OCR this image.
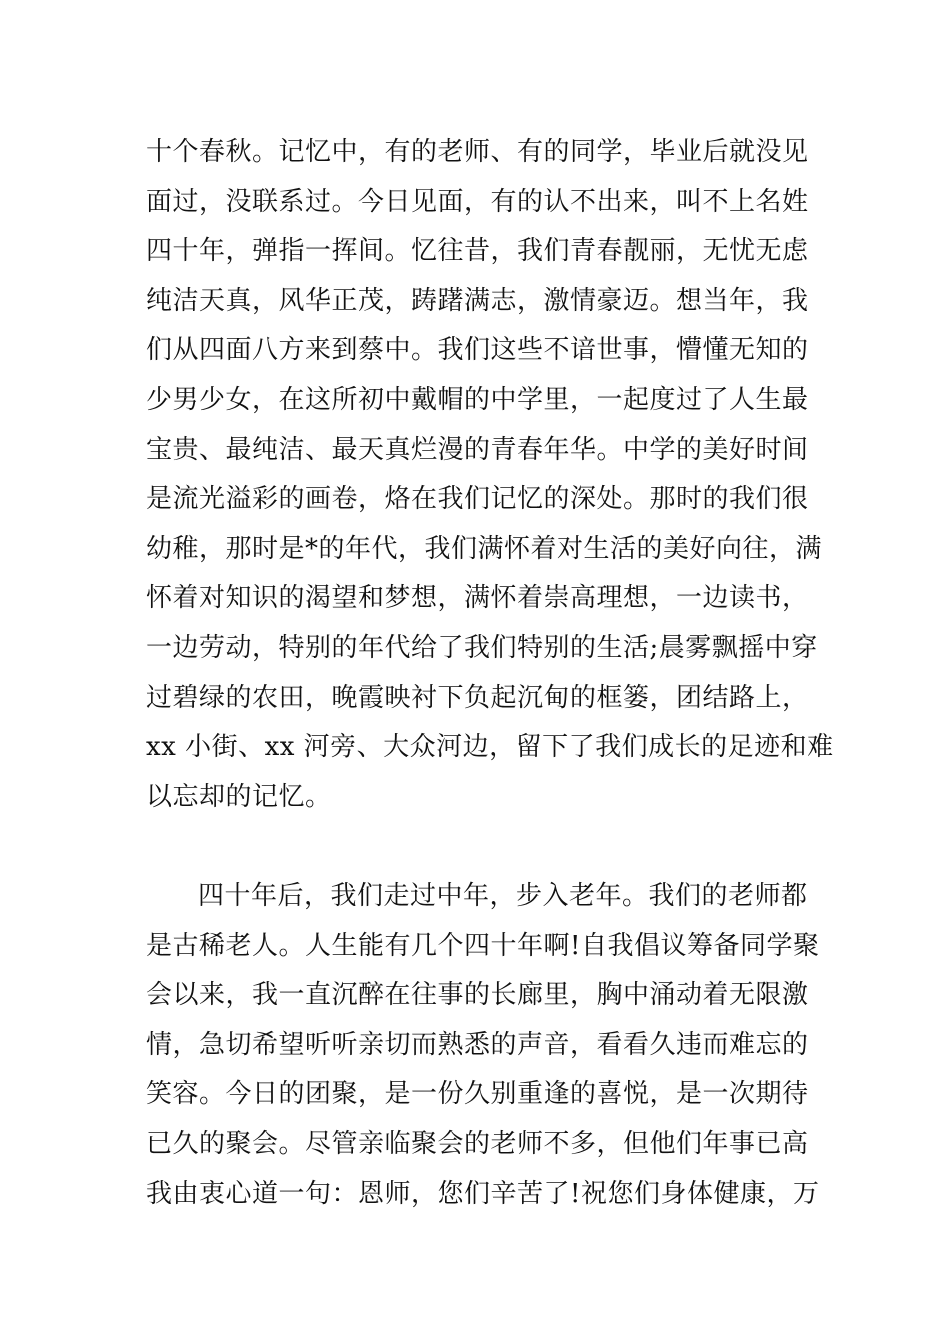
十个春秋。记忆中，有的老师、有的同学，毕业后就没见
面过，没联系过。今日见面，有的认不出来，叫不上名姓
四十年，弹指一挥间。忆往昔，我们青春靓丽，无忧无虑
纯洁天真，风华正茂，踌躇满志，激情豪迈。想当年，我
们从四面八方来到蔡中。我们这些不谙世事，懵懂无知的
少男少女，在这所初中戴帽的中学里，一起度过了人生最
宝贵、最纯洁、最天真烂漫的青春年华。中学的美好时间
是流光溢彩的画卷，烙在我们记忆的深处。那时的我们很
幼稚，那时是*的年代，我们满怀着对生活的美好向往，满
怀着对知识的渴望和梦想，满怀着崇高理想，一边读书，
一边劳动，特别的年代给了我们特别的生活;晨雾飘摇中穿
过碧绿的农田，晚霞映衬下负起沉甸的框篓，团结路上，
xx 小街、xx 河旁、大众河边，留下了我们成长的足迹和难
以忘却的记忆。
四十年后，我们走过中年，步入老年。我们的老师都
是古稀老人。人生能有几个四十年啊!自我倡议筹备同学聚
会以来，我一直沉醉在往事的长廊里，胸中涌动着无限激
情，急切希望听听亲切而熟悉的声音，看看久违而难忘的
笑容。今日的团聚，是一份久别重逢的喜悦，是一次期待
已久的聚会。尽管亲临聚会的老师不多，但他们年事已高
我由衷心道一句：恩师，您们辛苦了!祝您们身体健康，万
